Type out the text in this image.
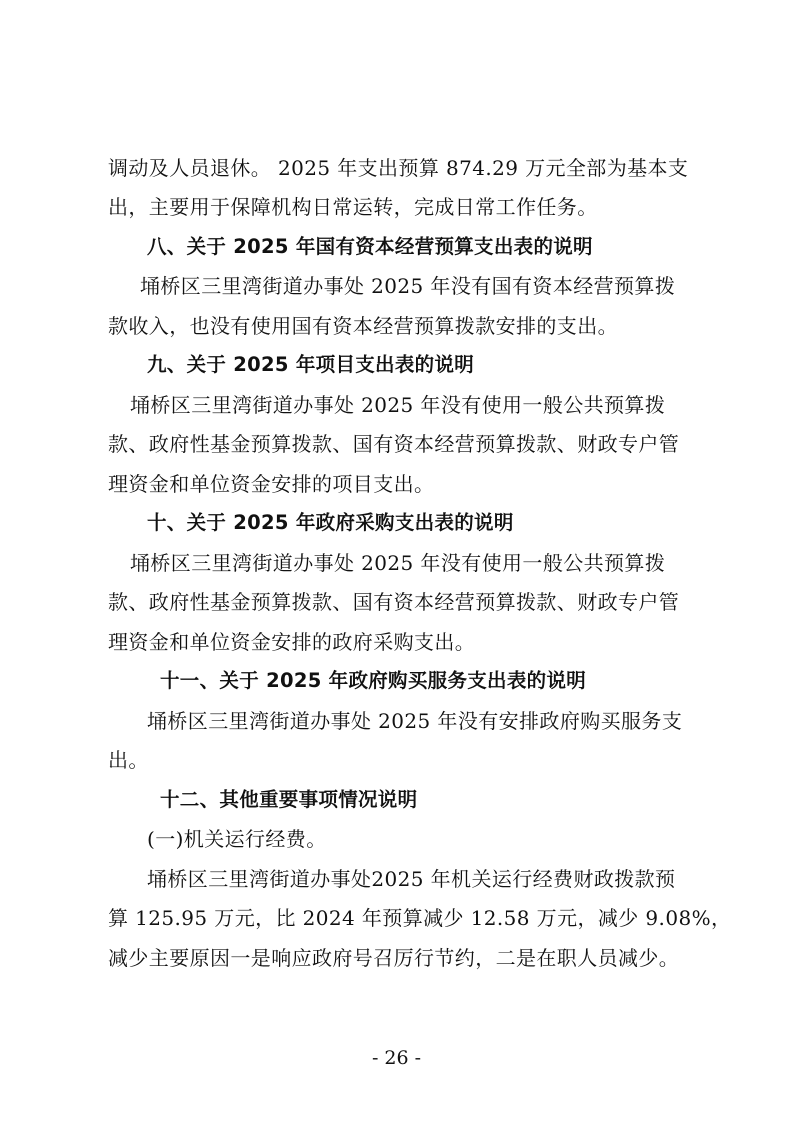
调动及人员退休。 2025 年支出预算 874.29 万元全部为基本支

出，主要用于保障机构日常运转，完成日常工作任务。

八、关于 2025 年国有资本经营预算支出表的说明

埇桥区三里湾街道办事处 2025 年没有国有资本经营预算拨

款收入，也没有使用国有资本经营预算拨款安排的支出。

九、关于 2025 年项目支出表的说明

埇桥区三里湾街道办事处 2025 年没有使用一般公共预算拨

款、政府性基金预算拨款、国有资本经营预算拨款、财政专户管

理资金和单位资金安排的项目支出。

十、关于 2025 年政府采购支出表的说明

埇桥区三里湾街道办事处 2025 年没有使用一般公共预算拨

款、政府性基金预算拨款、国有资本经营预算拨款、财政专户管

理资金和单位资金安排的政府采购支出。

十一、关于 2025 年政府购买服务支出表的说明

埇桥区三里湾街道办事处 2025 年没有安排政府购买服务支

出。

十二、其他重要事项情况说明

(一)机关运行经费。

埇桥区三里湾街道办事处2025 年机关运行经费财政拨款预

算 125.95 万元，比 2024 年预算减少 12.58 万元，减少 9.08%，

减少主要原因一是响应政府号召厉行节约，二是在职人员减少。

- 26 -
